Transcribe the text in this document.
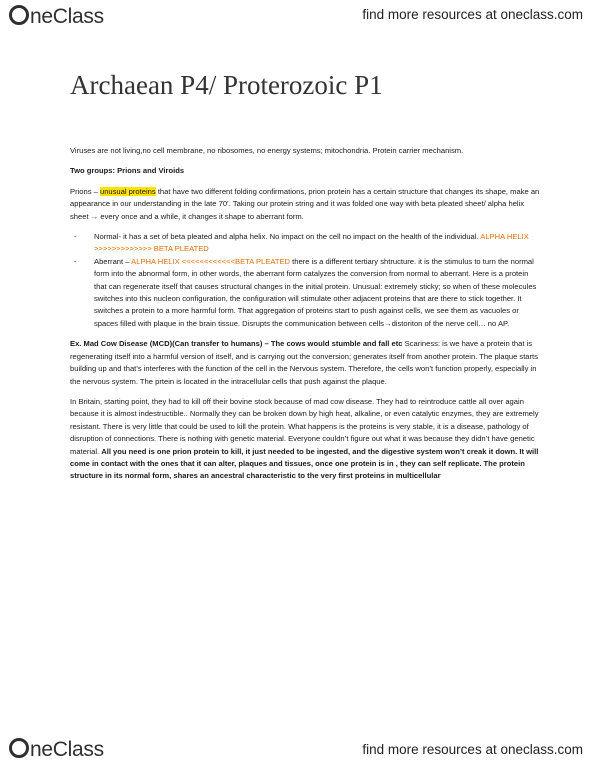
neClass	find more resources at oneclass.com
Archaean P4/ Proterozoic P1

Viruses are not living,no cell membrane, no ribosomes, no energy systems; mitochondria. Protein carrier mechanism.

Two groups: Prions and Viroids

Prions – unusual proteins that have two different folding confirmations, prion protein has a certain structure that changes its shape, make an appearance in our understanding in the late 70’. Taking our protein string and it was folded one way with beta pleated sheet/ alpha helix sheet → every once and a while, it changes it shape to aberrant form.

- Normal- it has a set of beta pleated and alpha helix. No impact on the cell no impact on the health of the individual. ALPHA HELIX >>>>>>>>>>>>> BETA PLEATED
- Aberrant – ALPHA HELIX <<<<<<<<<<<<BETA PLEATED there is a different tertiary shtructure. it is the stimulus to turn the normal form into the abnormal form, in other words, the aberrant form catalyzes the conversion from normal to aberrant. Here is a protein that can regenerate itself that causes structural changes in the initial protein. Unusual: extremely sticky; so when of these molecules switches into this nucleon configuration, the configuration will stimulate other adjacent proteins that are there to stick together. It switches a protein to a more harmful form. That aggregation of proteins start to push against cells, we see them as vacuoles or spaces filled with plaque in the brain tissue. Disrupts the communication between cells→distoriton of the nerve cell… no AP.

Ex. Mad Cow Disease (MCD)(Can transfer to humans) – The cows would stumble and fall etc Scariness: is we have a protein that is regenerating itself into a harmful version of itself, and is carrying out the conversion; generates itself from another protein. The plaque starts building up and that’s interferes with the function of the cell in the Nervous system. Therefore, the cells won’t function properly, especially in the nervous system. The prtein is located in the intracellular cells that push against the plaque.

In Britain, starting point, they had to kill off their bovine stock because of mad cow disease. They had to reintroduce cattle all over again because it is almost indestructible.. Normally they can be broken down by high heat, alkaline, or even catalytic enzymes, they are extremely resistant. There is very little that could be used to kill the protein. What happens is the proteins is very stable, it is a disease, pathology of disruption of connections. There is nothing with genetic material. Everyone couldn’t figure out what it was because they didn’t have genetic material. All you need is one prion protein to kill, it just needed to be ingested, and the digestive system won’t creak it down. It will come in contact with the ones that it can alter, plaques and tissues, once one protein is in , they can self replicate. The protein structure in its normal form, shares an ancestral characteristic to the very first proteins in multicellular

neClass	find more resources at oneclass.com
